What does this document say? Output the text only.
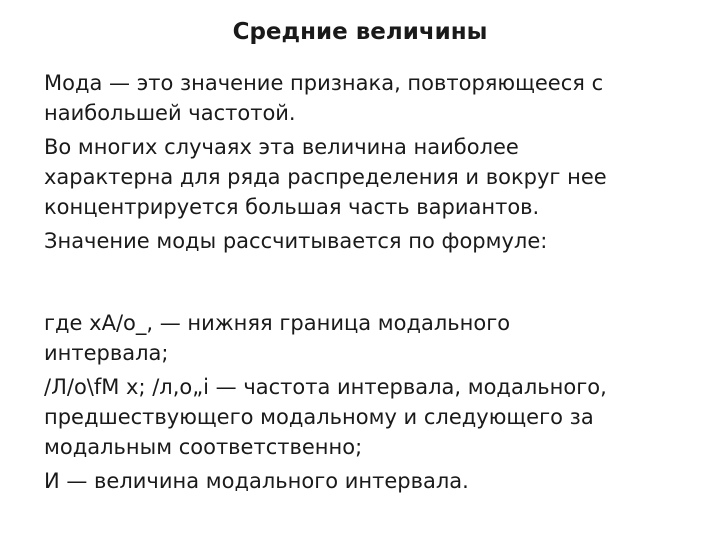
Средние величины

Мода — это значение признака, повторяющееся с
наибольшей частотой.

Во многих случаях эта величина наиболее
характерна для ряда распределения и вокруг нее
концентрируется большая часть вариантов.

Значение моды рассчитывается по формуле:

где хА/о_, — нижняя граница модального
интервала;

/Л/о\fМ х; /л,о„і — частота интервала, модального,
предшествующего модальному и следующего за
модальным соответственно;

И — величина модального интервала.
